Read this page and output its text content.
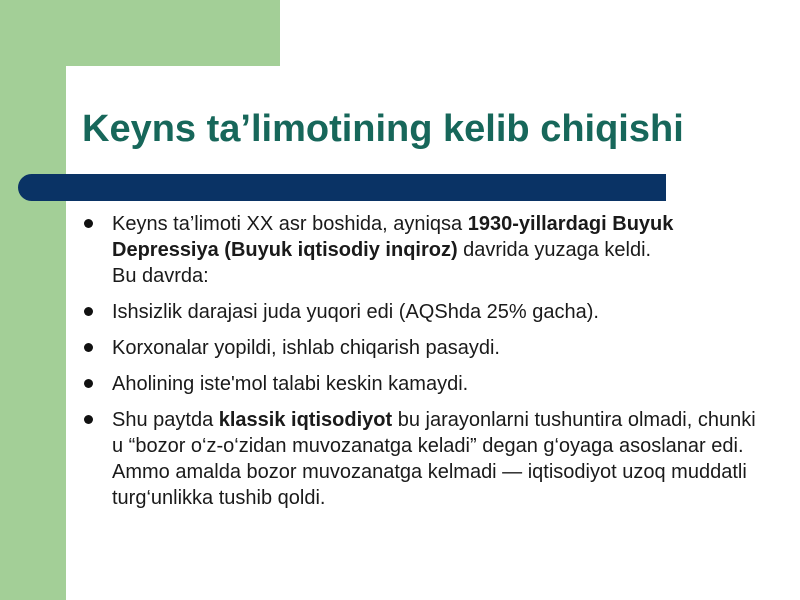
Keyns ta’limotining kelib chiqishi
Keyns ta’limoti XX asr boshida, ayniqsa 1930-yillardagi Buyuk Depressiya (Buyuk iqtisodiy inqiroz) davrida yuzaga keldi.
Bu davrda:
Ishsizlik darajasi juda yuqori edi (AQShda 25% gacha).
Korxonalar yopildi, ishlab chiqarish pasaydi.
Aholining iste'mol talabi keskin kamaydi.
Shu paytda klassik iqtisodiyot bu jarayonlarni tushuntira olmadi, chunki u “bozor o‘z-o‘zidan muvozanatga keladi” degan g‘oyaga asoslanar edi.
Ammo amalda bozor muvozanatga kelmadi — iqtisodiyot uzoq muddatli turg‘unlikka tushib qoldi.
